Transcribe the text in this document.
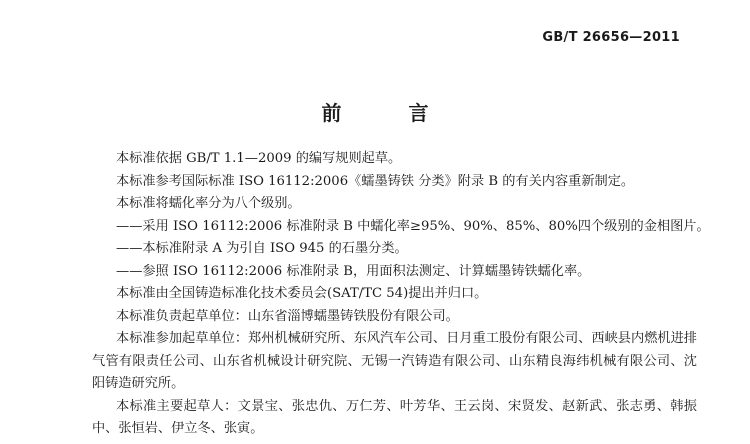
GB/T 26656—2011
前 言

本标准依据 GB/T 1.1—2009 的编写规则起草。

本标准参考国际标准 ISO 16112:2006《蠕墨铸铁 分类》附录 B 的有关内容重新制定。

本标准将蠕化率分为八个级别。

——采用 ISO 16112:2006 标准附录 B 中蠕化率≥95%、90%、85%、80%四个级别的金相图片。

——本标准附录 A 为引自 ISO 945 的石墨分类。

——参照 ISO 16112:2006 标准附录 B，用面积法测定、计算蠕墨铸铁蠕化率。

本标准由全国铸造标准化技术委员会(SAT/TC 54)提出并归口。

本标准负责起草单位：山东省淄博蠕墨铸铁股份有限公司。

本标准参加起草单位：郑州机械研究所、东风汽车公司、日月重工股份有限公司、西峡县内燃机进排气管有限责任公司、山东省机械设计研究院、无锡一汽铸造有限公司、山东精良海纬机械有限公司、沈阳铸造研究所。

本标准主要起草人：文景宝、张忠仇、万仁芳、叶芳华、王云岗、宋贤发、赵新武、张志勇、韩振中、张恒岩、伊立冬、张寅。
